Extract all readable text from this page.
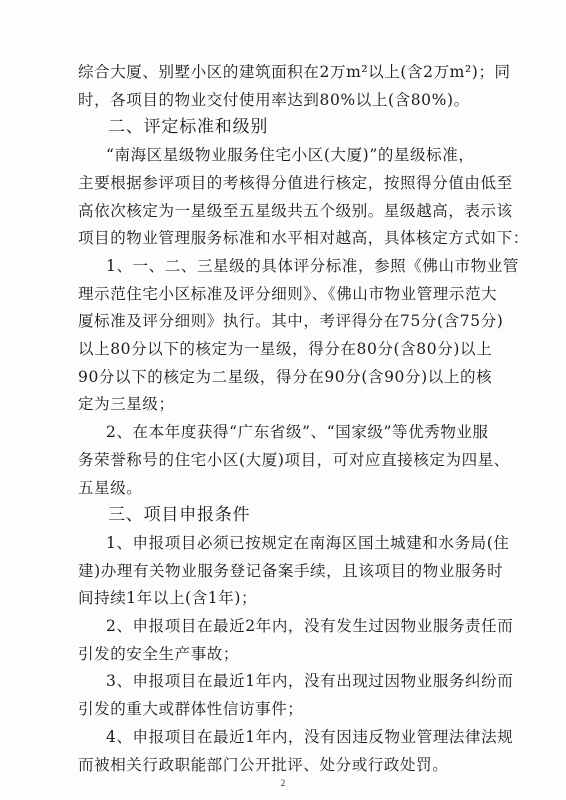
综合大厦、别墅小区的建筑面积在2万m²以上(含2万m²)；同
时，各项目的物业交付使用率达到80%以上(含80%)。
二、评定标准和级别
“南海区星级物业服务住宅小区(大厦)”的星级标准，
主要根据参评项目的考核得分值进行核定，按照得分值由低至
高依次核定为一星级至五星级共五个级别。星级越高，表示该
项目的物业管理服务标准和水平相对越高，具体核定方式如下：
1、一、二、三星级的具体评分标准，参照《佛山市物业管
理示范住宅小区标准及评分细则》、《佛山市物业管理示范大
厦标准及评分细则》执行。其中，考评得分在75分(含75分)
以上80分以下的核定为一星级，得分在80分(含80分)以上
90分以下的核定为二星级，得分在90分(含90分)以上的核
定为三星级；
2、在本年度获得“广东省级”、“国家级”等优秀物业服
务荣誉称号的住宅小区(大厦)项目，可对应直接核定为四星、
五星级。
三、项目申报条件
1、申报项目必须已按规定在南海区国土城建和水务局(住
建)办理有关物业服务登记备案手续，且该项目的物业服务时
间持续1年以上(含1年)；
2、申报项目在最近2年内，没有发生过因物业服务责任而
引发的安全生产事故；
3、申报项目在最近1年内，没有出现过因物业服务纠纷而
引发的重大或群体性信访事件；
4、申报项目在最近1年内，没有因违反物业管理法律法规
而被相关行政职能部门公开批评、处分或行政处罚。
2
